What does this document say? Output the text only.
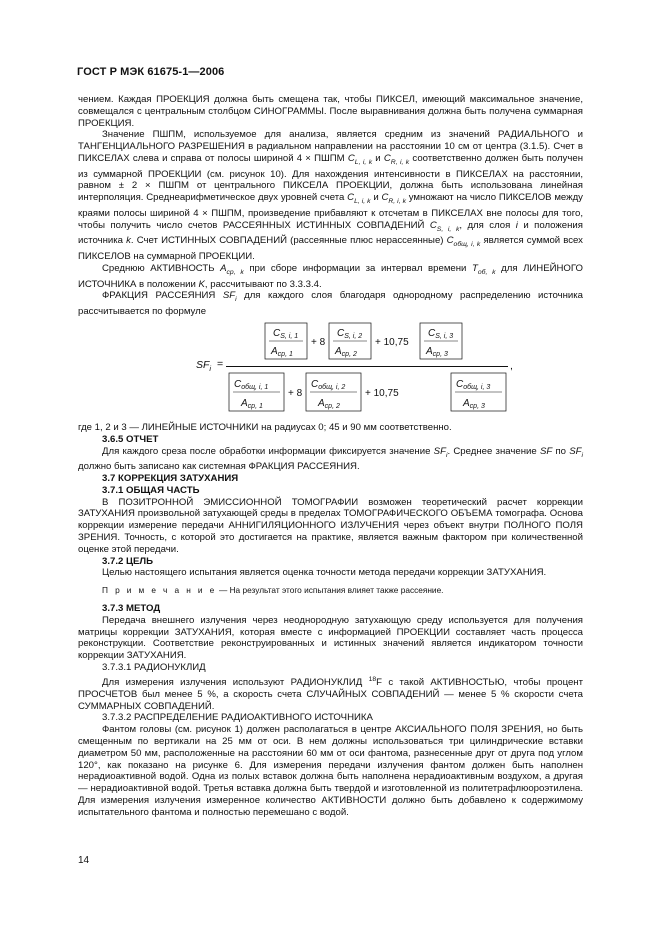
ГОСТ Р МЭК 61675-1—2006

чением. Каждая ПРОЕКЦИЯ должна быть смещена так, чтобы ПИКСЕЛ, имеющий максимальное значение, совмещался с центральным столбцом СИНОГРАММЫ. После выравнивания должна быть получена суммарная ПРОЕКЦИЯ.

Значение ПШПМ, используемое для анализа, является средним из значений РАДИАЛЬНОГО и ТАНГЕНЦИАЛЬНОГО РАЗРЕШЕНИЯ в радиальном направлении на расстоянии 10 см от центра (3.1.5). Счет в ПИКСЕЛАХ слева и справа от полосы шириной 4 × ПШПМ $C_{L, i, k}$ и $C_{R, i, k}$ соответственно должен быть получен из суммарной ПРОЕКЦИИ (см. рисунок 10). Для нахождения интенсивности в ПИКСЕЛАХ на расстоянии, равном ± 2 × ПШПМ от центрального ПИКСЕЛА ПРОЕКЦИИ, должна быть использована линейная интерполяция. Среднеарифметическое двух уровней счета $C_{L, i, k}$ и $C_{R, i, k}$ умножают на число ПИКСЕЛОВ между краями полосы шириной 4 × ПШПМ, произведение прибавляют к отсчетам в ПИКСЕЛАХ вне полосы для того, чтобы получить число счетов РАССЕЯННЫХ ИСТИННЫХ СОВПАДЕНИЙ $C_{S, i, k}$, для слоя i и положения источника k. Счет ИСТИННЫХ СОВПАДЕНИЙ (рассеянные плюс нерассеянные) $C_{общ, i, k}$ является суммой всех ПИКСЕЛОВ на суммарной ПРОЕКЦИИ.

Среднюю АКТИВНОСТЬ $A_{ср, k}$ при сборе информации за интервал времени $T_{об, k}$ для ЛИНЕЙНОГО ИСТОЧНИКА в положении K, рассчитывают по 3.3.3.4.

ФРАКЦИЯ РАССЕЯНИЯ $SF_i$ для каждого слоя благодаря однородному распределению источника рассчитывается по формуле

$SF_i$ =
$C_{S, i, 1}$
$A_{ср, 1}$
+ 8
$C_{S, i, 2}$
$A_{ср, 2}$
+ 10,75
$C_{S, i, 3}$
$A_{ср, 3}$
$C_{общ, i, 1}$
$A_{ср, 1}$
+ 8
$C_{общ, i, 2}$
$A_{ср, 2}$
+ 10,75
$C_{общ, i, 3}$
$A_{ср, 3}$
,

где 1, 2 и 3 — ЛИНЕЙНЫЕ ИСТОЧНИКИ на радиусах 0; 45 и 90 мм соответственно.

3.6.5 ОТЧЕТ

Для каждого среза после обработки информации фиксируется значение $SF_i$. Среднее значение SF по $SF_i$ должно быть записано как системная ФРАКЦИЯ РАССЕЯНИЯ.

3.7 КОРРЕКЦИЯ ЗАТУХАНИЯ

3.7.1 ОБЩАЯ ЧАСТЬ

В ПОЗИТРОННОЙ ЭМИССИОННОЙ ТОМОГРАФИИ возможен теоретический расчет коррекции ЗАТУХАНИЯ произвольной затухающей среды в пределах ТОМОГРАФИЧЕСКОГО ОБЪЕМА томографа. Основа коррекции измерение передачи АННИГИЛЯЦИОННОГО ИЗЛУЧЕНИЯ через объект внутри ПОЛНОГО ПОЛЯ ЗРЕНИЯ. Точность, с которой это достигается на практике, является важным фактором при количественной оценке этой передачи.

3.7.2 ЦЕЛЬ

Целью настоящего испытания является оценка точности метода передачи коррекции ЗАТУХАНИЯ.

П р и м е ч а н и е — На результат этого испытания влияет также рассеяние.

3.7.3 МЕТОД

Передача внешнего излучения через неоднородную затухающую среду используется для получения матрицы коррекции ЗАТУХАНИЯ, которая вместе с информацией ПРОЕКЦИИ составляет часть процесса реконструкции. Соответствие реконструированных и истинных значений является индикатором точности коррекции ЗАТУХАНИЯ.

3.7.3.1 РАДИОНУКЛИД

Для измерения излучения используют РАДИОНУКЛИД $^{18}$F с такой АКТИВНОСТЬЮ, чтобы процент ПРОСЧЕТОВ был менее 5 %, а скорость счета СЛУЧАЙНЫХ СОВПАДЕНИЙ — менее 5 % скорости счета СУММАРНЫХ СОВПАДЕНИЙ.

3.7.3.2 РАСПРЕДЕЛЕНИЕ РАДИОАКТИВНОГО ИСТОЧНИКА

Фантом головы (см. рисунок 1) должен располагаться в центре АКСИАЛЬНОГО ПОЛЯ ЗРЕНИЯ, но быть смещенным по вертикали на 25 мм от оси. В нем должны использоваться три цилиндрические вставки диаметром 50 мм, расположенные на расстоянии 60 мм от оси фантома, разнесенные друг от друга под углом 120°, как показано на рисунке 6. Для измерения передачи излучения фантом должен быть наполнен нерадиоактивной водой. Одна из полых вставок должна быть наполнена нерадиоактивным воздухом, а другая — нерадиоактивной водой. Третья вставка должна быть твердой и изготовленной из политетрафлюороэтилена. Для измерения излучения измеренное количество АКТИВНОСТИ должно быть добавлено к содержимому испытательного фантома и полностью перемешано с водой.

14
